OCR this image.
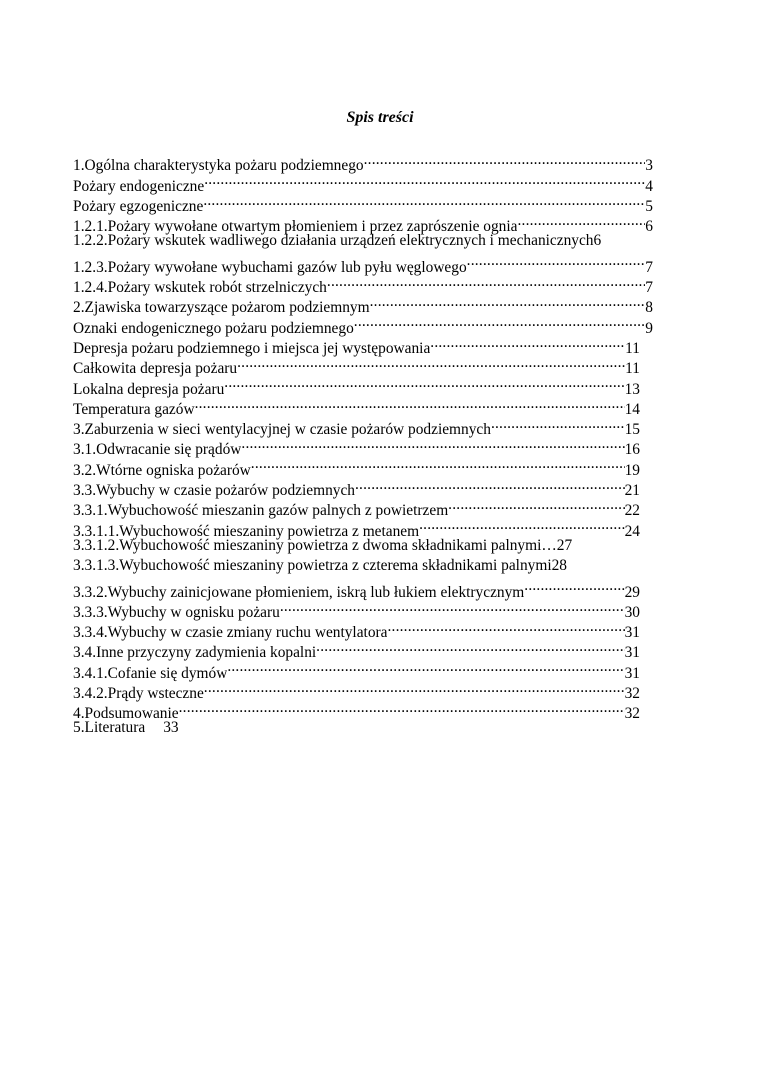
Spis treści
1.Ogólna charakterystyka pożaru podziemnego .....	3
Pożary endogeniczne .....	4
Pożary egzogeniczne .....	5
1.2.1.Pożary wywołane otwartym płomieniem i przez zaprószenie ognia .....	6
1.2.2.Pożary wskutek wadliwego działania urządzeń elektrycznych i mechanicznych 6
1.2.3.Pożary wywołane wybuchami gazów lub pyłu węglowego .....	7
1.2.4.Pożary wskutek robót strzelniczych .....	7
2.Zjawiska towarzyszące pożarom podziemnym .....	8
Oznaki endogenicznego pożaru podziemnego .....	9
Depresja pożaru podziemnego i miejsca jej występowania .....	11
Całkowita depresja pożaru .....	11
Lokalna depresja pożaru .....	13
Temperatura gazów .....	14
3.Zaburzenia w sieci wentylacyjnej w czasie pożarów podziemnych .....	15
3.1.Odwracanie się prądów .....	16
3.2.Wtórne ogniska pożarów .....	19
3.3.Wybuchy w czasie pożarów podziemnych .....	21
3.3.1.Wybuchowość mieszanin gazów palnych z powietrzem .....	22
3.3.1.1.Wybuchowość mieszaniny powietrza z metanem .....	24
3.3.1.2.Wybuchowość mieszaniny powietrza z dwoma składnikami palnymi… 27
3.3.1.3.Wybuchowość mieszaniny powietrza z czterema składnikami palnymi 28
3.3.2.Wybuchy zainicjowane płomieniem, iskrą lub łukiem elektrycznym .....	29
3.3.3.Wybuchy w ognisku pożaru .....	30
3.3.4.Wybuchy w czasie zmiany ruchu wentylatora .....	31
3.4.Inne przyczyny zadymienia kopalni .....	31
3.4.1.Cofanie się dymów .....	31
3.4.2.Prądy wsteczne .....	32
4.Podsumowanie .....	32
5.Literatura 33
